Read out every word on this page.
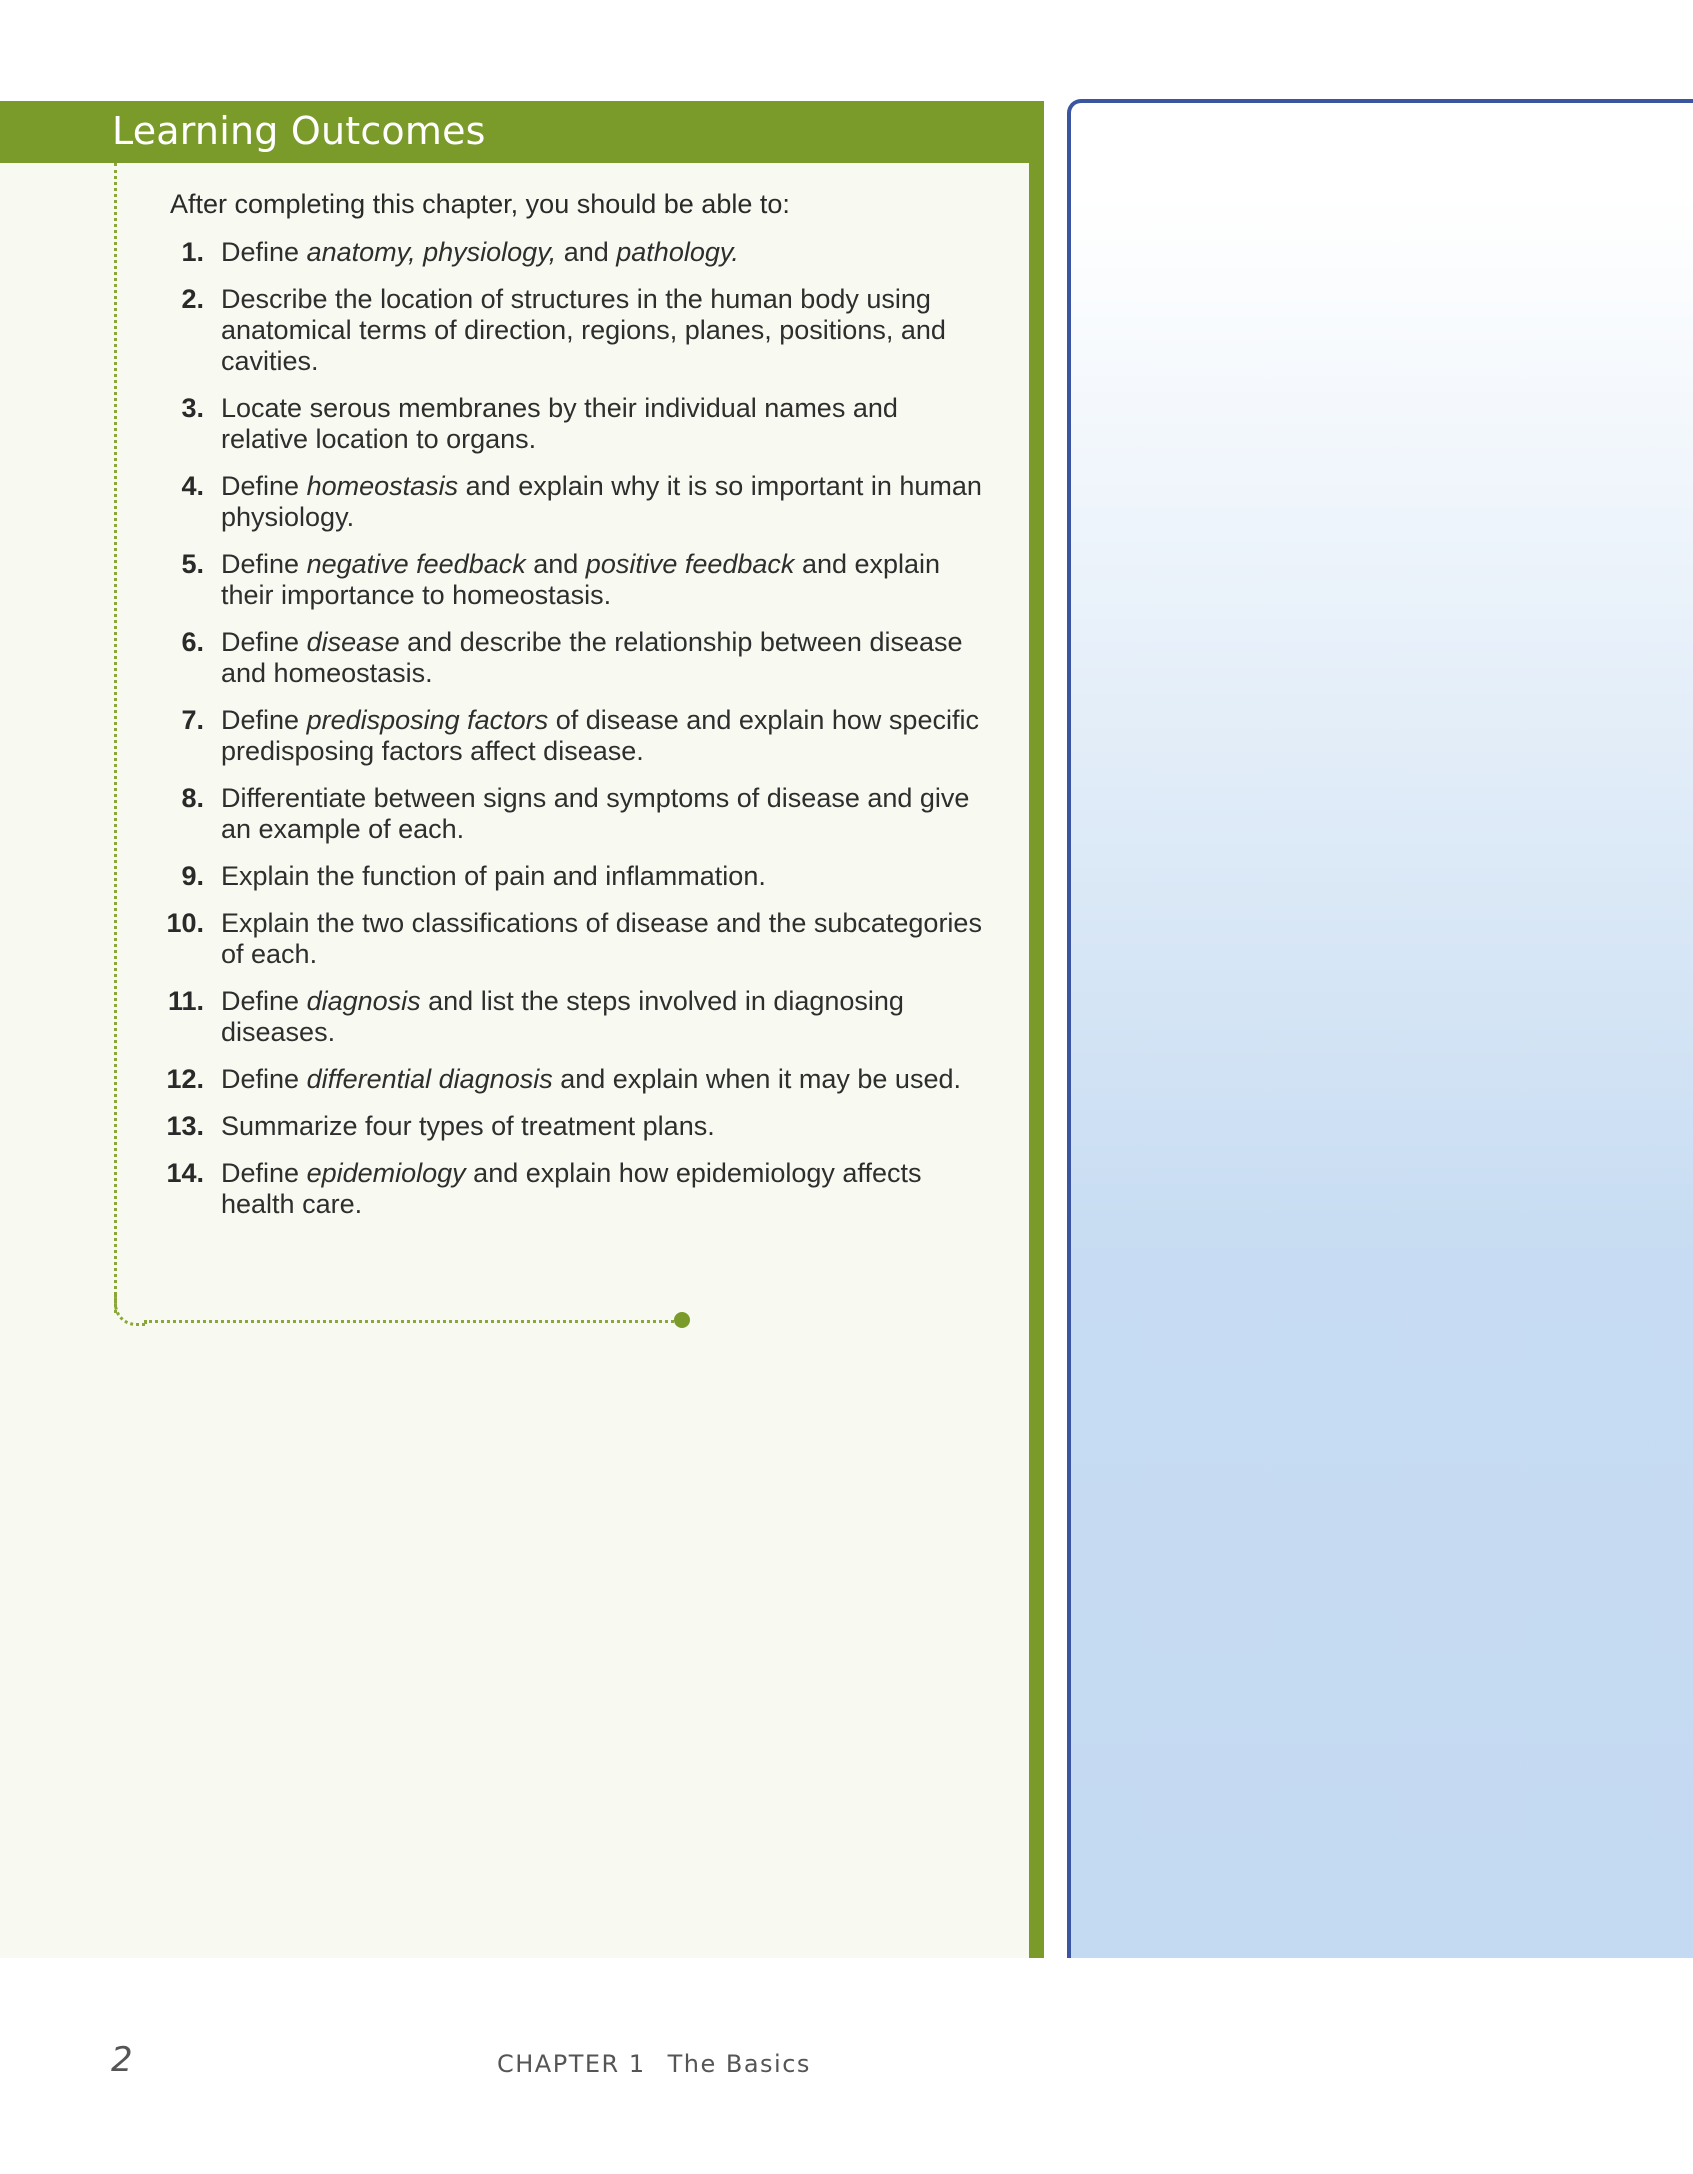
Learning Outcomes
After completing this chapter, you should be able to:
1. Define anatomy, physiology, and pathology.
2. Describe the location of structures in the human body using anatomical terms of direction, regions, planes, positions, and cavities.
3. Locate serous membranes by their individual names and relative location to organs.
4. Define homeostasis and explain why it is so important in human physiology.
5. Define negative feedback and positive feedback and explain their importance to homeostasis.
6. Define disease and describe the relationship between disease and homeostasis.
7. Define predisposing factors of disease and explain how specific predisposing factors affect disease.
8. Differentiate between signs and symptoms of disease and give an example of each.
9. Explain the function of pain and inflammation.
10. Explain the two classifications of disease and the subcategories of each.
11. Define diagnosis and list the steps involved in diagnosing diseases.
12. Define differential diagnosis and explain when it may be used.
13. Summarize four types of treatment plans.
14. Define epidemiology and explain how epidemiology affects health care.
2	CHAPTER 1 The Basics
